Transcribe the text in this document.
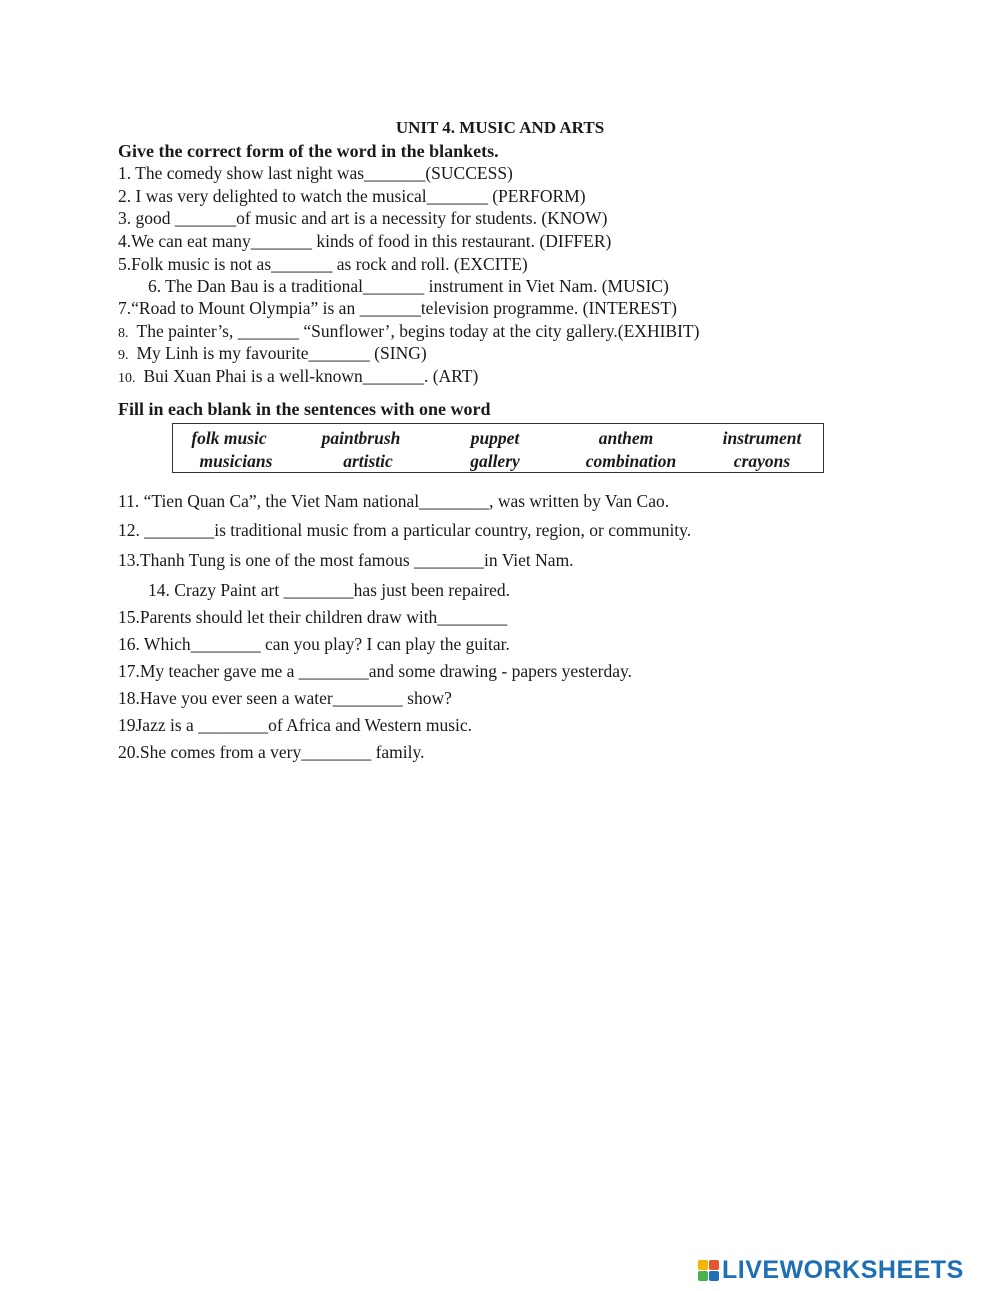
UNIT 4. MUSIC AND ARTS
Give the correct form of the word in the blankets.
1. The comedy show last night was_______(SUCCESS)
2. I was very delighted to watch the musical_______ (PERFORM)
3. good _______of music and art is a necessity for students. (KNOW)
4.We can eat many_______ kinds of food in this restaurant. (DIFFER)
5.Folk music is not as_______ as rock and roll. (EXCITE)
6. The Dan Bau is a traditional_______ instrument in Viet Nam. (MUSIC)
7.“Road to Mount Olympia” is an _______television programme. (INTEREST)
8. The painter’s, _______ “Sunflower’, begins today at the city gallery.(EXHIBIT)
9. My Linh is my favourite_______ (SING)
10. Bui Xuan Phai is a well-known_______. (ART)
Fill in each blank in the sentences with one word
folk music	paintbrush	puppet	anthem	instrument
musicians	artistic	gallery	combination	crayons
11. “Tien Quan Ca”, the Viet Nam national________, was written by Van Cao.
12. ________is traditional music from a particular country, region, or community.
13.Thanh Tung is one of the most famous ________in Viet Nam.
14. Crazy Paint art ________has just been repaired.
15.Parents should let their children draw with________
16. Which________ can you play? I can play the guitar.
17.My teacher gave me a ________and some drawing - papers yesterday.
18.Have you ever seen a water________ show?
19Jazz is a ________of Africa and Western music.
20.She comes from a very________ family.
LIVEWORKSHEETS
